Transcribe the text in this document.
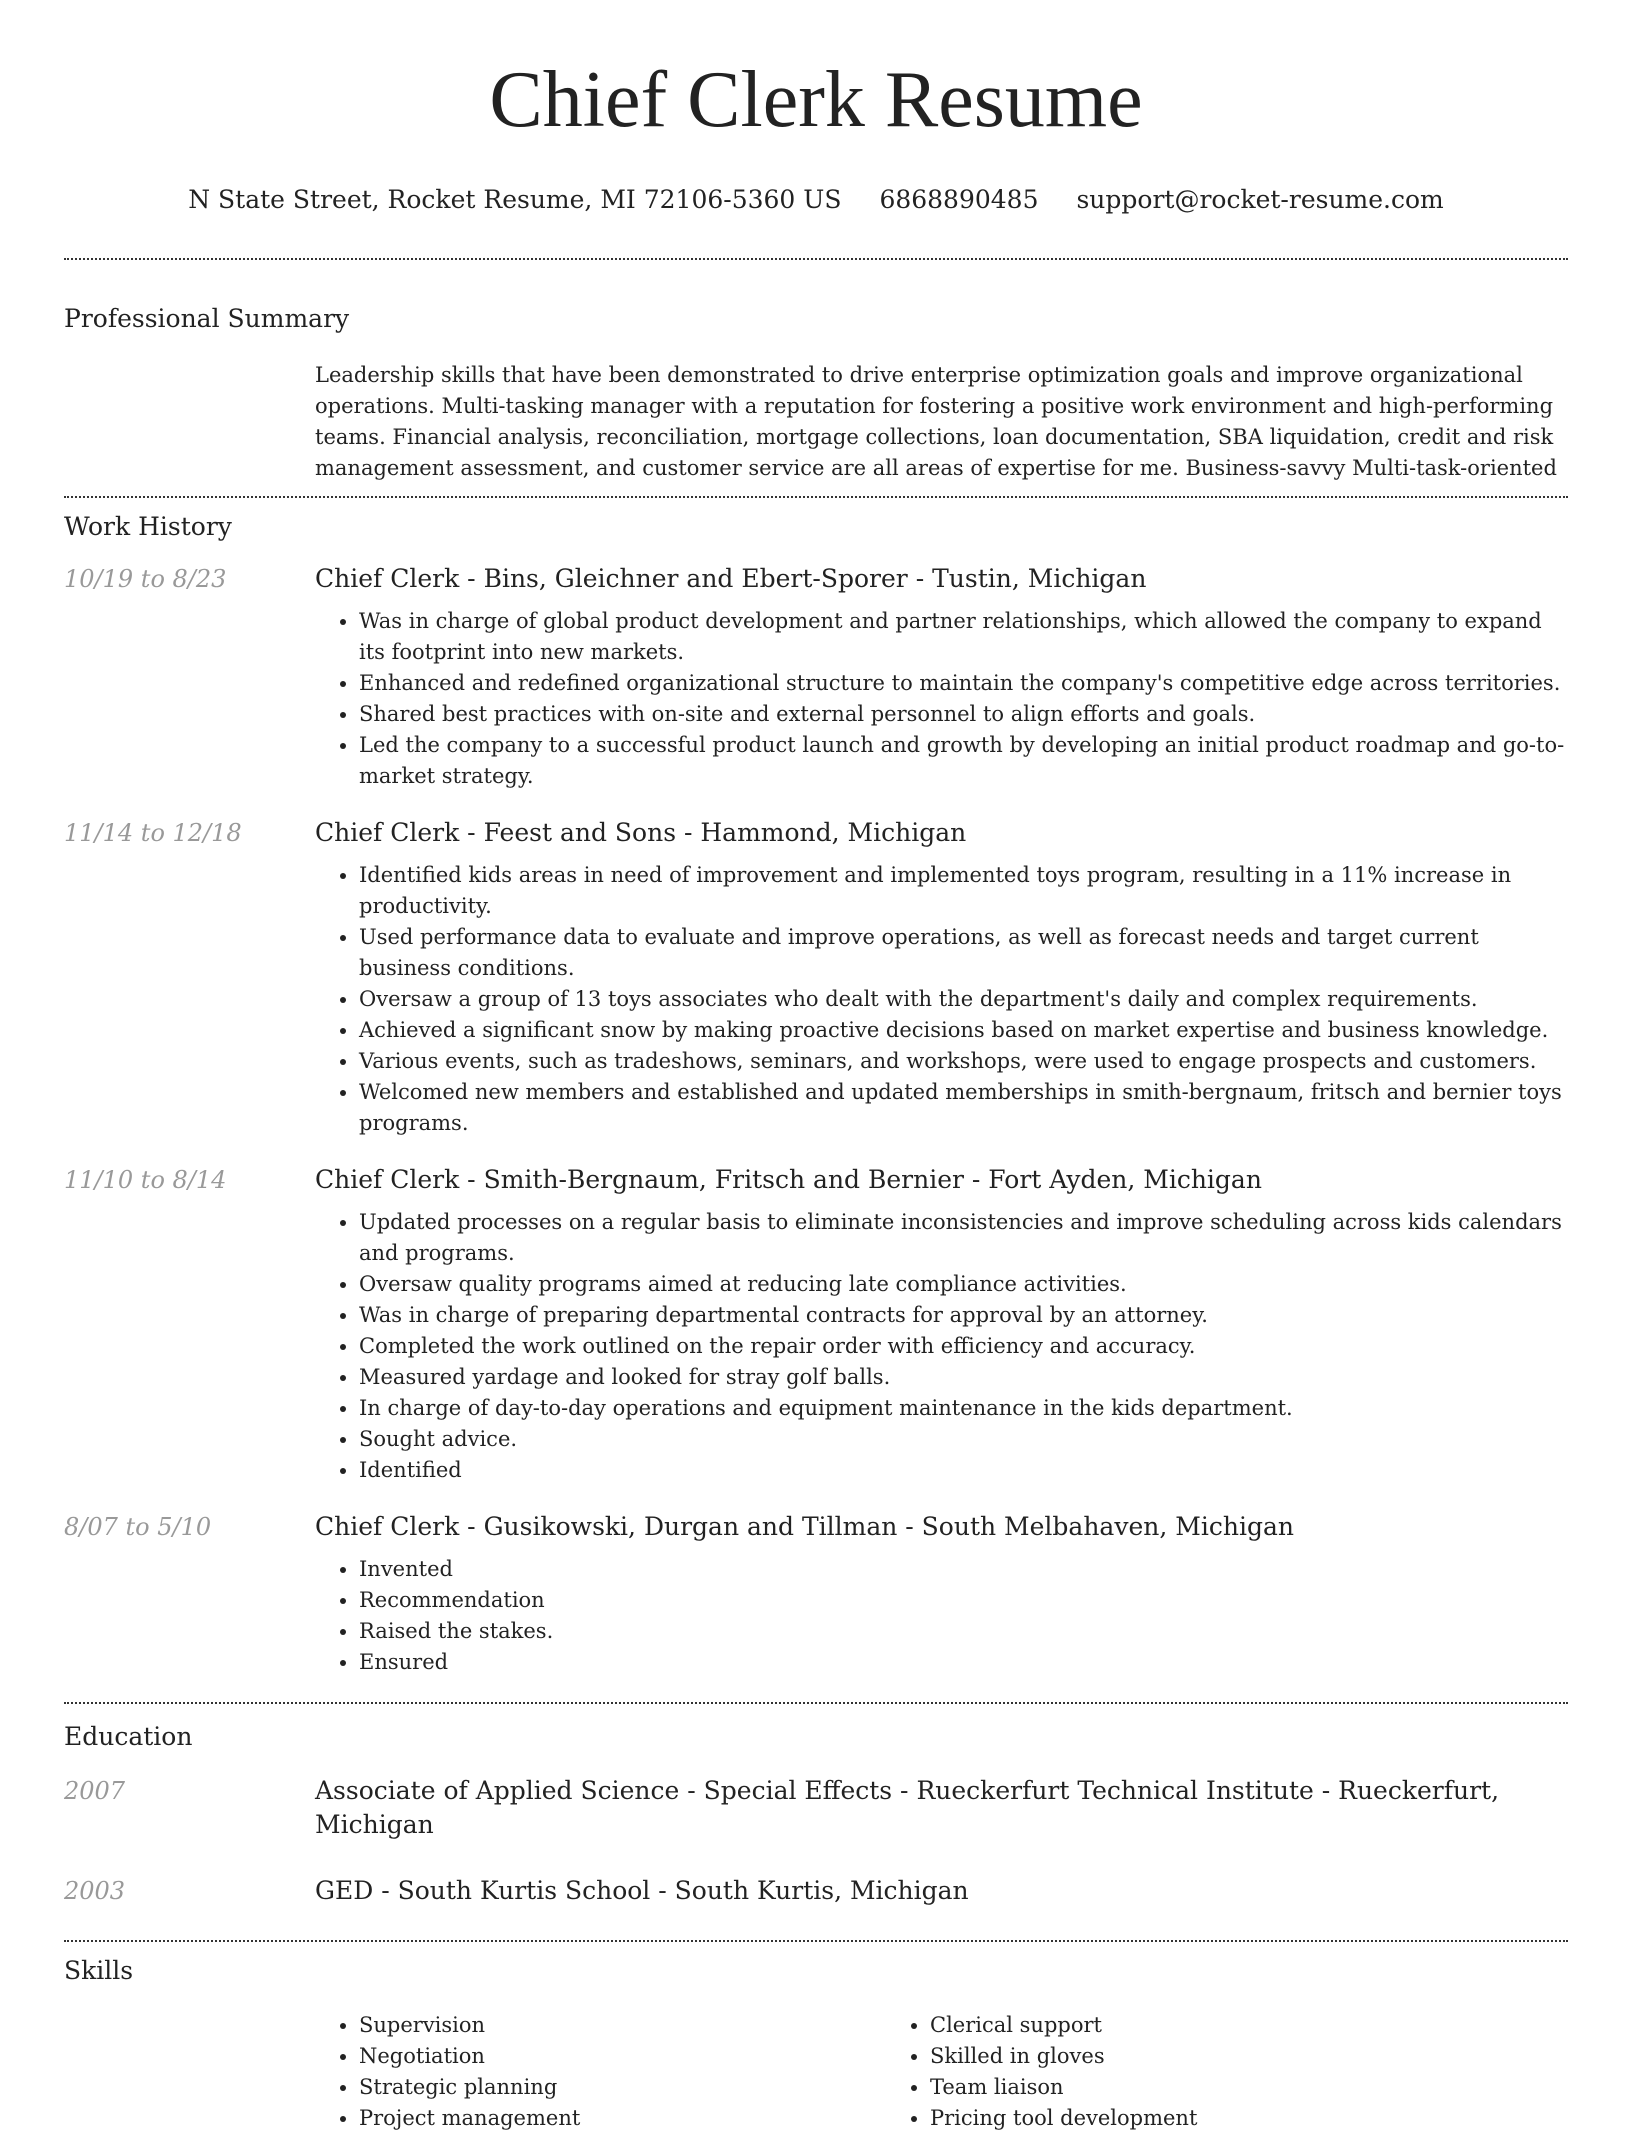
Chief Clerk Resume
N State Street, Rocket Resume, MI 72106-5360 US 6868890485 support@rocket-resume.com
Professional Summary

Leadership skills that have been demonstrated to drive enterprise optimization goals and improve organizational operations. Multi-tasking manager with a reputation for fostering a positive work environment and high-performing teams. Financial analysis, reconciliation, mortgage collections, loan documentation, SBA liquidation, credit and risk management assessment, and customer service are all areas of expertise for me. Business-savvy Multi-task-oriented

Work History
10/19 to 8/23	Chief Clerk - Bins, Gleichner and Ebert-Sporer - Tustin, Michigan
• Was in charge of global product development and partner relationships, which allowed the company to expand its footprint into new markets.
• Enhanced and redefined organizational structure to maintain the company's competitive edge across territories.
• Shared best practices with on-site and external personnel to align efforts and goals.
• Led the company to a successful product launch and growth by developing an initial product roadmap and go-to-market strategy.
11/14 to 12/18	Chief Clerk - Feest and Sons - Hammond, Michigan
• Identified kids areas in need of improvement and implemented toys program, resulting in a 11% increase in productivity.
• Used performance data to evaluate and improve operations, as well as forecast needs and target current business conditions.
• Oversaw a group of 13 toys associates who dealt with the department's daily and complex requirements.
• Achieved a significant snow by making proactive decisions based on market expertise and business knowledge.
• Various events, such as tradeshows, seminars, and workshops, were used to engage prospects and customers.
• Welcomed new members and established and updated memberships in smith-bergnaum, fritsch and bernier toys programs.
11/10 to 8/14	Chief Clerk - Smith-Bergnaum, Fritsch and Bernier - Fort Ayden, Michigan
• Updated processes on a regular basis to eliminate inconsistencies and improve scheduling across kids calendars and programs.
• Oversaw quality programs aimed at reducing late compliance activities.
• Was in charge of preparing departmental contracts for approval by an attorney.
• Completed the work outlined on the repair order with efficiency and accuracy.
• Measured yardage and looked for stray golf balls.
• In charge of day-to-day operations and equipment maintenance in the kids department.
• Sought advice.
• Identified
8/07 to 5/10	Chief Clerk - Gusikowski, Durgan and Tillman - South Melbahaven, Michigan
• Invented
• Recommendation
• Raised the stakes.
• Ensured
Education
2007	Associate of Applied Science - Special Effects - Rueckerfurt Technical Institute - Rueckerfurt, Michigan
2003	GED - South Kurtis School - South Kurtis, Michigan
Skills
• Supervision
• Negotiation
• Strategic planning
• Project management
• Clerical support
• Skilled in gloves
• Team liaison
• Pricing tool development
